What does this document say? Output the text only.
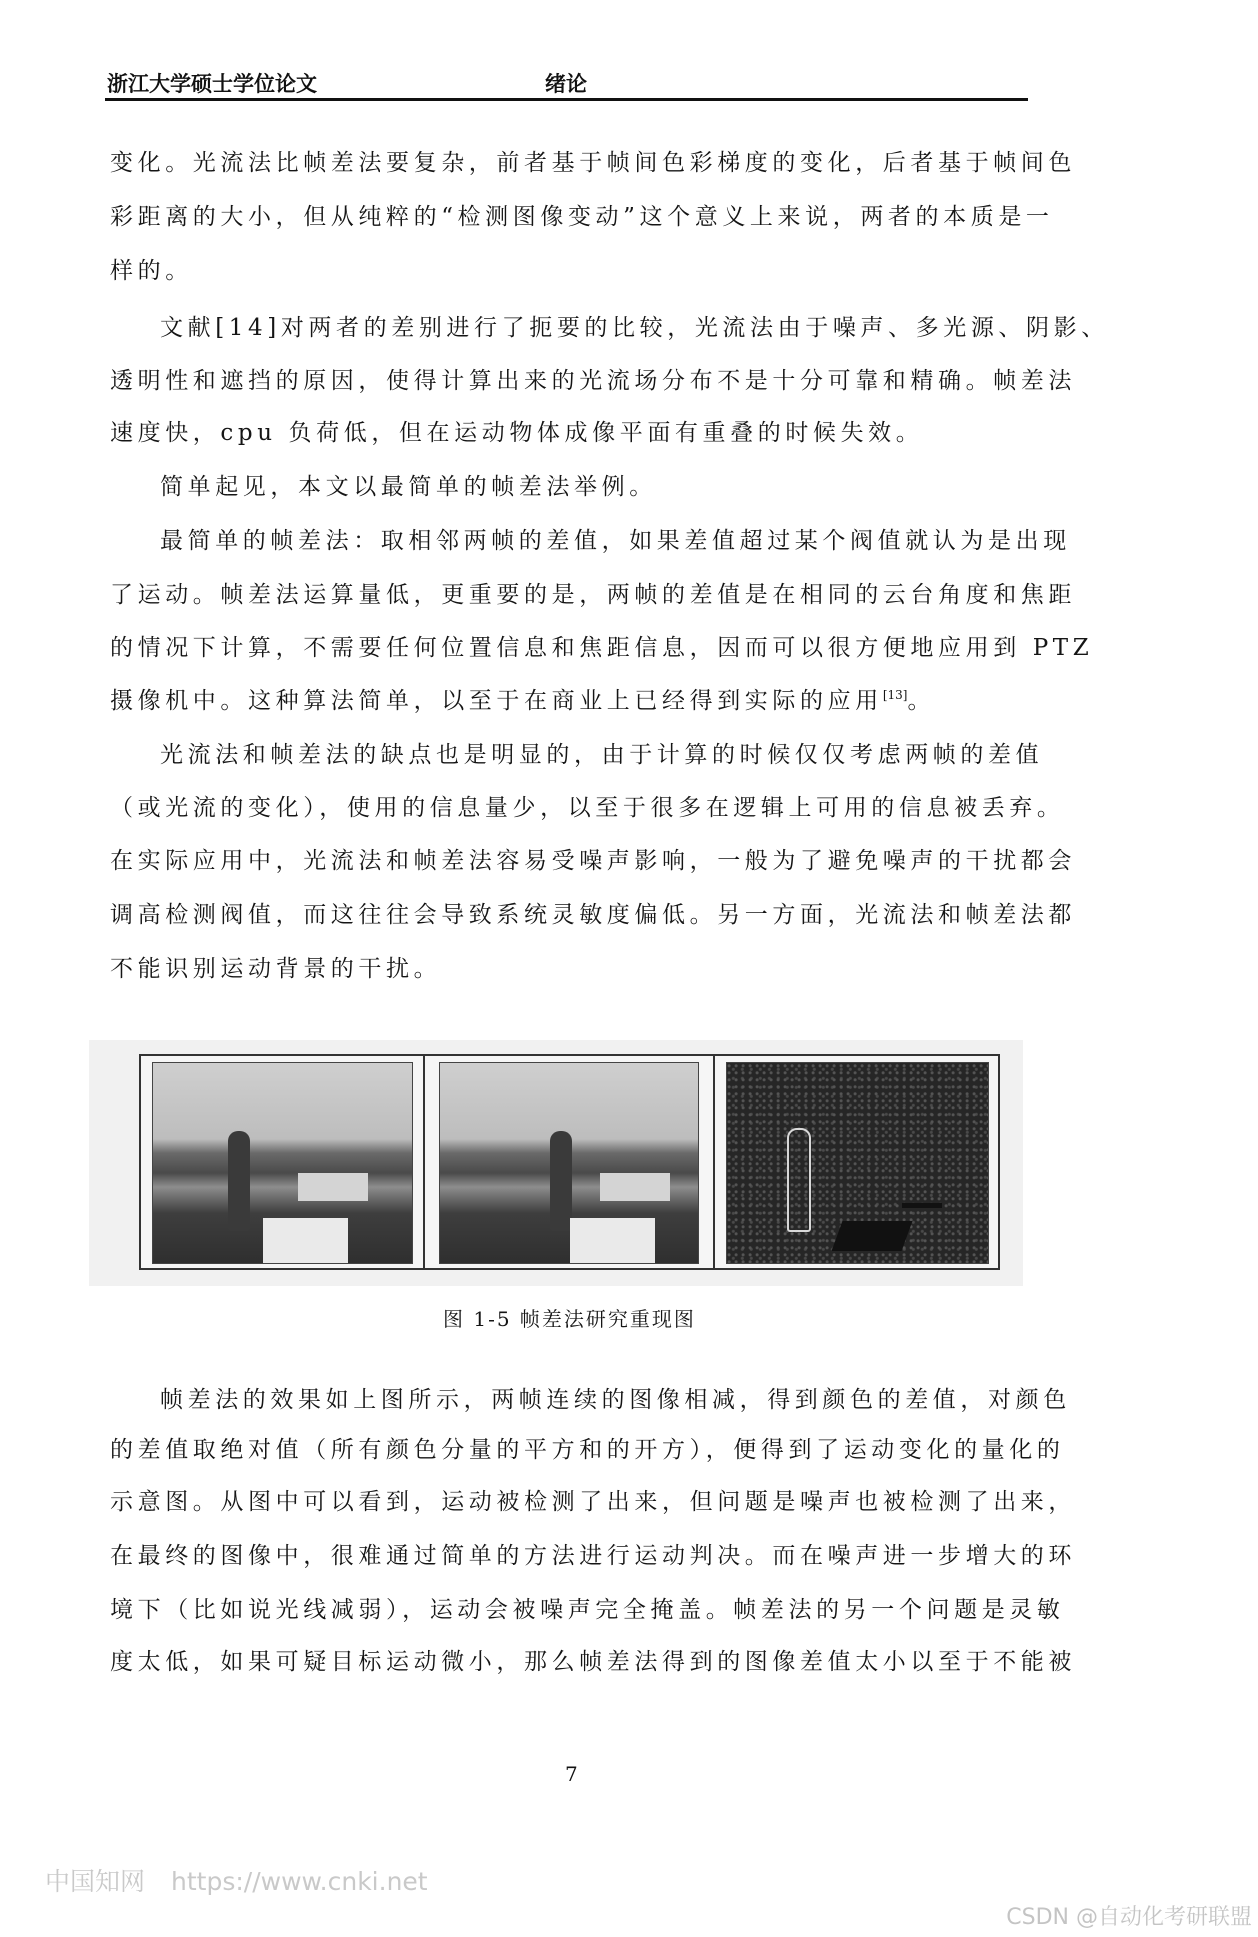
浙江大学硕士学位论文	绪论
变化。光流法比帧差法要复杂，前者基于帧间色彩梯度的变化，后者基于帧间色
彩距离的大小，但从纯粹的“检测图像变动”这个意义上来说，两者的本质是一
样的。
文献[14]对两者的差别进行了扼要的比较，光流法由于噪声、多光源、阴影、
透明性和遮挡的原因，使得计算出来的光流场分布不是十分可靠和精确。帧差法
速度快，cpu 负荷低，但在运动物体成像平面有重叠的时候失效。
简单起见，本文以最简单的帧差法举例。
最简单的帧差法：取相邻两帧的差值，如果差值超过某个阀值就认为是出现
了运动。帧差法运算量低，更重要的是，两帧的差值是在相同的云台角度和焦距
的情况下计算，不需要任何位置信息和焦距信息，因而可以很方便地应用到 PTZ
摄像机中。这种算法简单，以至于在商业上已经得到实际的应用[13]。
光流法和帧差法的缺点也是明显的，由于计算的时候仅仅考虑两帧的差值
（或光流的变化），使用的信息量少，以至于很多在逻辑上可用的信息被丢弃。
在实际应用中，光流法和帧差法容易受噪声影响，一般为了避免噪声的干扰都会
调高检测阀值，而这往往会导致系统灵敏度偏低。另一方面，光流法和帧差法都
不能识别运动背景的干扰。
图 1-5 帧差法研究重现图
帧差法的效果如上图所示，两帧连续的图像相减，得到颜色的差值，对颜色
的差值取绝对值（所有颜色分量的平方和的开方），便得到了运动变化的量化的
示意图。从图中可以看到，运动被检测了出来，但问题是噪声也被检测了出来，
在最终的图像中，很难通过简单的方法进行运动判决。而在噪声进一步增大的环
境下（比如说光线减弱），运动会被噪声完全掩盖。帧差法的另一个问题是灵敏
度太低，如果可疑目标运动微小，那么帧差法得到的图像差值太小以至于不能被
7
中国知网 https://www.cnki.net
CSDN @自动化考研联盟
